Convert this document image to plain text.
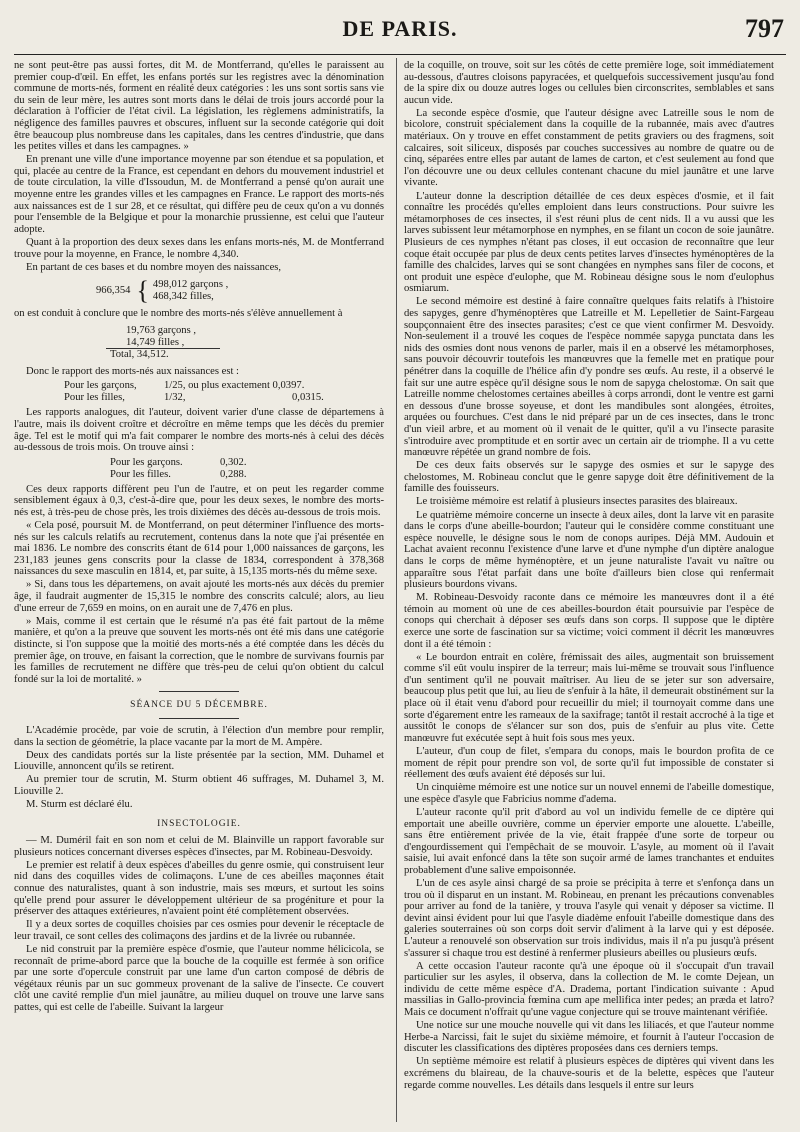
DE PARIS.	797

ne sont peut-être pas aussi fortes, dit M. de Montferrand, qu'elles le paraissent au premier coup-d'œil. En effet, les enfans portés sur les registres avec la dénomination commune de morts-nés, forment en réalité deux catégories : les uns sont sortis sans vie du sein de leur mère, les autres sont morts dans le délai de trois jours accordé pour la déclaration à l'officier de l'état civil. La législation, les règlemens administratifs, la négligence des familles pauvres et obscures, influent sur la seconde catégorie qui doit être beaucoup plus nombreuse dans les capitales, dans les centres d'industrie, que dans les petites villes et dans les campagnes. »

En prenant une ville d'une importance moyenne par son étendue et sa population, et qui, placée au centre de la France, est cependant en dehors du mouvement industriel et de toute circulation, la ville d'Issoudun, M. de Montferrand a pensé qu'on aurait une moyenne entre les grandes villes et les campagnes en France. Le rapport des morts-nés aux naissances est de 1 sur 28, et ce résultat, qui diffère peu de ceux qu'on a vu donnés pour l'ensemble de la Belgique et pour la monarchie prussienne, est celui que l'auteur adopte.

Quant à la proportion des deux sexes dans les enfans morts-nés, M. de Montferrand trouve pour la moyenne, en France, le nombre 4,340.

En partant de ces bases et du nombre moyen des naissances,

966,354 { 498,012 garçons ,
468,342 filles,

on est conduit à conclure que le nombre des morts-nés s'élève annuellement à

19,763 garçons ,
14,749 filles ,
Total, 34,512.

Donc le rapport des morts-nés aux naissances est :

Pour les garçons,	1/25, ou plus exactement 0,0397.
Pour les filles,	1/32,	0,0315.

Les rapports analogues, dit l'auteur, doivent varier d'une classe de départemens à l'autre, mais ils doivent croître et décroître en même temps que les décès du premier âge. Tel est le motif qui m'a fait comparer le nombre des morts-nés à celui des décès au-dessous de trois mois. On trouve ainsi :

Pour les garçons.	0,302.
Pour les filles.	0,288.

Ces deux rapports diffèrent peu l'un de l'autre, et on peut les regarder comme sensiblement égaux à 0,3, c'est-à-dire que, pour les deux sexes, le nombre des morts-nés est, à très-peu de chose près, les trois dixièmes des décès au-dessous de trois mois.

« Cela posé, poursuit M. de Montferrand, on peut déterminer l'influence des morts-nés sur les calculs relatifs au recrutement, contenus dans la note que j'ai présentée en mai 1836. Le nombre des conscrits étant de 614 pour 1,000 naissances de garçons, les 231,183 jeunes gens conscrits pour la classe de 1834, correspondent à 378,368 naissances du sexe masculin en 1814, et, par suite, à 15,135 morts-nés du même sexe.

» Si, dans tous les départemens, on avait ajouté les morts-nés aux décès du premier âge, il faudrait augmenter de 15,315 le nombre des conscrits calculé; alors, au lieu d'une erreur de 7,659 en moins, on en aurait une de 7,476 en plus.

» Mais, comme il est certain que le résumé n'a pas été fait partout de la même manière, et qu'on a la preuve que souvent les morts-nés ont été mis dans une catégorie distincte, si l'on suppose que la moitié des morts-nés a été comptée dans les décès du premier âge, on trouve, en faisant la correction, que le nombre de survivans fournis par les familles de recrutement ne diffère que très-peu de celui qu'on obtient du calcul fondé sur la loi de mortalité. »

SÉANCE DU 5 DÉCEMBRE.

L'Académie procède, par voie de scrutin, à l'élection d'un membre pour remplir, dans la section de géométrie, la place vacante par la mort de M. Ampère.

Deux des candidats portés sur la liste présentée par la section, MM. Duhamel et Liouville, annoncent qu'ils se retirent.

Au premier tour de scrutin, M. Sturm obtient 46 suffrages, M. Duhamel 3, M. Liouville 2.

M. Sturm est déclaré élu.

INSECTOLOGIE.

— M. Duméril fait en son nom et celui de M. Blainville un rapport favorable sur plusieurs notices concernant diverses espèces d'insectes, par M. Robineau-Desvoidy.

Le premier est relatif à deux espèces d'abeilles du genre osmie, qui construisent leur nid dans des coquilles vides de colimaçons. L'une de ces abeilles maçonnes était connue des naturalistes, quant à son industrie, mais ses mœurs, et surtout les soins qu'elle prend pour assurer le développement ultérieur de sa progéniture et pour la préserver des attaques extérieures, n'avaient point été complètement observées.

Il y a deux sortes de coquilles choisies par ces osmies pour devenir le réceptacle de leur travail, ce sont celles des colimaçons des jardins et de la livrée ou rubannée.

Le nid construit par la première espèce d'osmie, que l'auteur nomme hélicicola, se reconnaît de prime-abord parce que la bouche de la coquille est fermée à son orifice par une sorte d'opercule construit par une lame d'un carton composé de débris de végétaux réunis par un suc gommeux provenant de la salive de l'insecte. Ce couvert clôt une cavité remplie d'un miel jaunâtre, au milieu duquel on trouve une larve sans pattes, qui est celle de l'abeille. Suivant la largeur

de la coquille, on trouve, soit sur les côtés de cette première loge, soit immédiatement au-dessous, d'autres cloisons papyracées, et quelquefois successivement jusqu'au fond de la spire dix ou douze autres loges ou cellules bien circonscrites, semblables et sans aucun vide.

La seconde espèce d'osmie, que l'auteur désigne avec Latreille sous le nom de bicolore, construit spécialement dans la coquille de la rubannée, mais avec d'autres matériaux. On y trouve en effet constamment de petits graviers ou des fragmens, soit calcaires, soit siliceux, disposés par couches successives au nombre de quatre ou de cinq, séparées entre elles par autant de lames de carton, et c'est seulement au fond que l'on découvre une ou deux cellules contenant chacune du miel jaunâtre et une larve vivante.

L'auteur donne la description détaillée de ces deux espèces d'osmie, et il fait connaître les procédés qu'elles emploient dans leurs constructions. Pour suivre les métamorphoses de ces insectes, il s'est réuni plus de cent nids. Il a vu aussi que les larves subissent leur métamorphose en nymphes, en se filant un cocon de soie jaunâtre. Plusieurs de ces nymphes n'étant pas closes, il eut occasion de reconnaître que leur coque était occupée par plus de deux cents petites larves d'insectes hyménoptères de la famille des chalcides, larves qui se sont changées en nymphes sans filer de cocons, et ont produit une espèce d'eulophe, que M. Robineau désigne sous le nom d'eulophus osmiarum.

Le second mémoire est destiné à faire connaître quelques faits relatifs à l'histoire des sapyges, genre d'hyménoptères que Latreille et M. Lepelletier de Saint-Fargeau soupçonnaient être des insectes parasites; c'est ce que vient confirmer M. Desvoidy. Non-seulement il a trouvé les coques de l'espèce nommée sapyga punctata dans les nids des osmies dont nous venons de parler, mais il en a observé les métamorphoses, sans pouvoir découvrir toutefois les manœuvres que la femelle met en pratique pour pénétrer dans la coquille de l'hélice afin d'y pondre ses œufs. Au reste, il a observé le fait sur une autre espèce qu'il désigne sous le nom de sapyga chelostomæ. On sait que Latreille nomme chelostomes certaines abeilles à corps arrondi, dont le ventre est garni en dessous d'une brosse soyeuse, et dont les mandibules sont alongées, étroites, arquées ou fourchues. C'est dans le nid préparé par un de ces insectes, dans le tronc d'un vieil arbre, et au moment où il venait de le quitter, qu'il a vu l'insecte parasite s'introduire avec promptitude et en sortir avec un certain air de triomphe. Il a vu cette manœuvre répétée un grand nombre de fois.

De ces deux faits observés sur le sapyge des osmies et sur le sapyge des chelostomes, M. Robineau conclut que le genre sapyge doit être définitivement de la famille des fouisseurs.

Le troisième mémoire est relatif à plusieurs insectes parasites des blaireaux.

Le quatrième mémoire concerne un insecte à deux ailes, dont la larve vit en parasite dans le corps d'une abeille-bourdon; l'auteur qui le considère comme constituant une espèce nouvelle, le désigne sous le nom de conops auripes. Déjà MM. Audouin et Lachat avaient reconnu l'existence d'une larve et d'une nymphe d'un diptère analogue dans le corps de même hyménoptère, et un jeune naturaliste l'avait vu naître ou apparaître sous l'état parfait dans une boîte d'ailleurs bien close qui renfermait plusieurs bourdons vivans.

M. Robineau-Desvoidy raconte dans ce mémoire les manœuvres dont il a été témoin au moment où une de ces abeilles-bourdon était poursuivie par l'espèce de conops qui cherchait à déposer ses œufs dans son corps. Il suppose que le diptère exerce une sorte de fascination sur sa victime; voici comment il décrit les manœuvres dont il a été témoin :

« Le bourdon entrait en colère, frémissait des ailes, augmentait son bruissement comme s'il eût voulu inspirer de la terreur; mais lui-même se trouvait sous l'influence d'un sentiment qu'il ne pouvait maîtriser. Au lieu de se jeter sur son adversaire, beaucoup plus petit que lui, au lieu de s'enfuir à la hâte, il demeurait obstinément sur la place où il était venu d'abord pour recueillir du miel; il tournoyait comme dans une sorte d'égarement entre les rameaux de la saxifrage; tantôt il restait accroché à la tige et aussitôt le conops de s'élancer sur son dos, puis de s'enfuir au plus vite. Cette manœuvre fut exécutée sept à huit fois sous mes yeux.

L'auteur, d'un coup de filet, s'empara du conops, mais le bourdon profita de ce moment de répit pour prendre son vol, de sorte qu'il fut impossible de constater si réellement des œufs avaient été déposés sur lui.

Un cinquième mémoire est une notice sur un nouvel ennemi de l'abeille domestique, une espèce d'asyle que Fabricius nomme d'adema.

L'auteur raconte qu'il prit d'abord au vol un individu femelle de ce diptère qui emportait une abeille ouvrière, comme un épervier emporte une alouette. L'abeille, sans être entièrement privée de la vie, était frappée d'une sorte de torpeur ou d'engourdissement qui l'empêchait de se mouvoir. L'asyle, au moment où il l'avait saisie, lui avait enfoncé dans la tête son suçoir armé de lames tranchantes et enduites probablement d'une salive empoisonnée.

L'un de ces asyle ainsi chargé de sa proie se précipita à terre et s'enfonça dans un trou où il disparut en un instant. M. Robineau, en prenant les précautions convenables pour arriver au fond de la tanière, y trouva l'asyle qui venait y déposer sa victime. Il devint ainsi évident pour lui que l'asyle diadème enfouit l'abeille domestique dans des galeries souterraines où son corps doit servir d'aliment à la larve qui y est déposée. L'auteur a renouvelé son observation sur trois individus, mais il n'a pu jusqu'à présent s'assurer si chaque trou est destiné à renfermer plusieurs abeilles ou plusieurs œufs.

A cette occasion l'auteur raconte qu'à une époque où il s'occupait d'un travail particulier sur les asyles, il observa, dans la collection de M. le comte Dejean, un individu de cette même espèce d'A. Dradema, portant l'indication suivante : Apud massilias in Gallo-provincia fœmina cum ape mellifica inter pedes; an præda et latro? Mais ce document n'offrait qu'une vague conjecture qui se trouve maintenant vérifiée.

Une notice sur une mouche nouvelle qui vit dans les liliacés, et que l'auteur nomme Herbe-a Narcissi, fait le sujet du sixième mémoire, et fournit à l'auteur l'occasion de discuter les classifications des diptères proposées dans ces derniers temps.

Un septième mémoire est relatif à plusieurs espèces de diptères qui vivent dans les excrémens du blaireau, de la chauve-souris et de la belette, espèces que l'auteur regarde comme nouvelles. Les détails dans lesquels il entre sur leurs
